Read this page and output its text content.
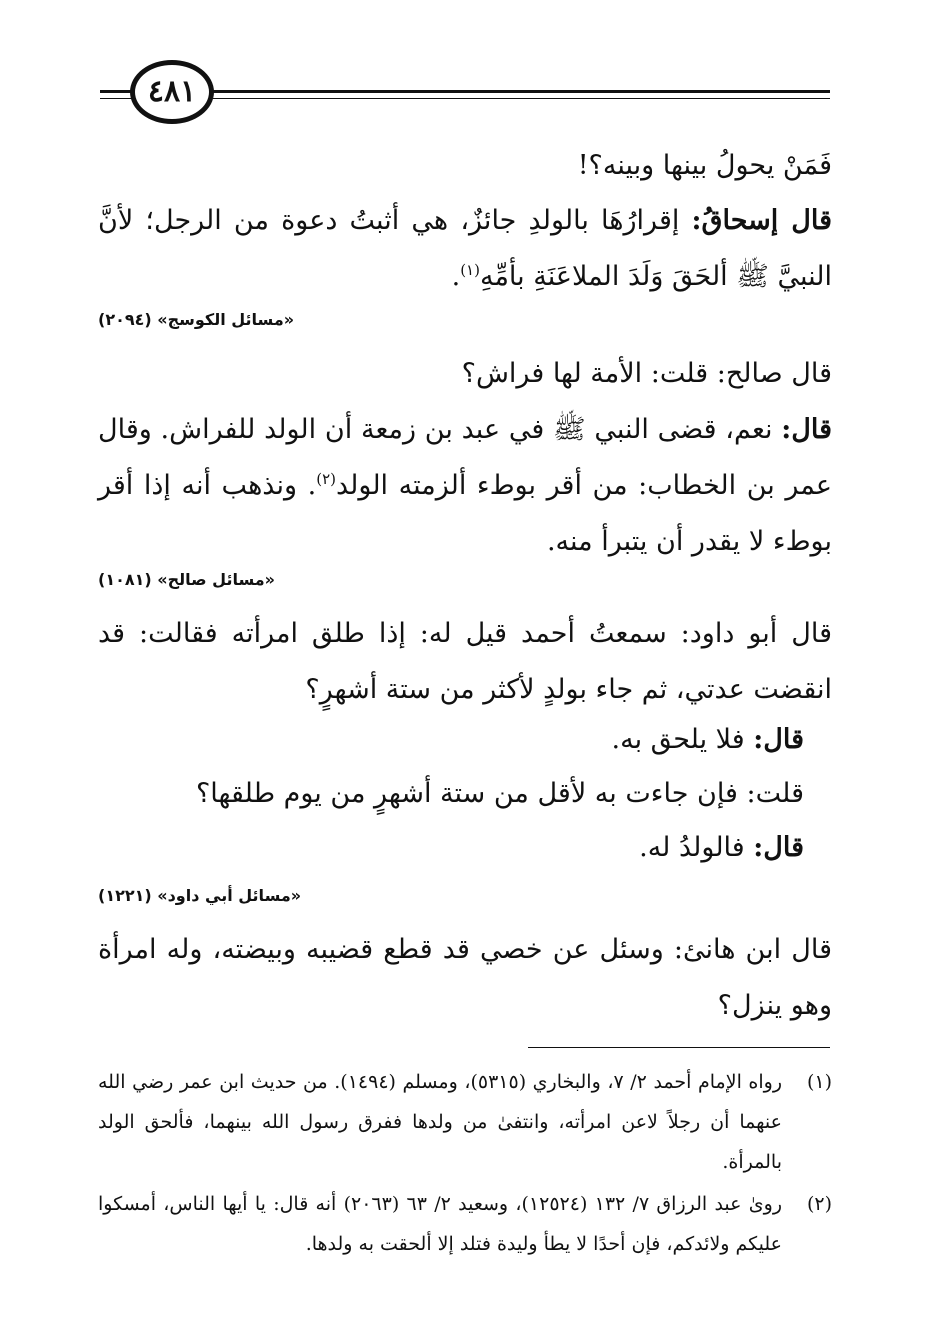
٤٨١

فَمَنْ يحولُ بينها وبينه؟!

قال إسحاقُ: إقرارُهَا بالولدِ جائزٌ، هي أثبتُ دعوة من الرجل؛ لأنَّ النبيَّ ﷺ ألحَقَ وَلَدَ الملاعَنَةِ بأمِّهِ$^{(١)}$.

«مسائل الكوسج» (٢٠٩٤)

قال صالح: قلت: الأمة لها فراش؟

قال: نعم، قضى النبي ﷺ في عبد بن زمعة أن الولد للفراش. وقال عمر بن الخطاب: من أقر بوطء ألزمته الولد$^{(٢)}$. ونذهب أنه إذا أقر بوطء لا يقدر أن يتبرأ منه.

«مسائل صالح» (١٠٨١)

قال أبو داود: سمعتُ أحمد قيل له: إذا طلق امرأته فقالت: قد انقضت عدتي، ثم جاء بولدٍ لأكثر من ستة أشهرٍ؟

قال: فلا يلحق به.

قلت: فإن جاءت به لأقل من ستة أشهرٍ من يوم طلقها؟

قال: فالولدُ له.

«مسائل أبي داود» (١٢٢١)

قال ابن هانئ: وسئل عن خصي قد قطع قضيبه وبيضته، وله امرأة وهو ينزل؟

(١)
رواه الإمام أحمد ٢/ ٧، والبخاري (٥٣١٥)، ومسلم (١٤٩٤). من حديث ابن عمر رضي الله عنهما أن رجلاً لاعن امرأته، وانتفىٰ من ولدها ففرق رسول الله بينهما، فألحق الولد بالمرأة.
(٢)
روىٰ عبد الرزاق ٧/ ١٣٢ (١٢٥٢٤)، وسعيد ٢/ ٦٣ (٢٠٦٣) أنه قال: يا أيها الناس، أمسكوا عليكم ولائدكم، فإن أحدًا لا يطأ وليدة فتلد إلا ألحقت به ولدها.
